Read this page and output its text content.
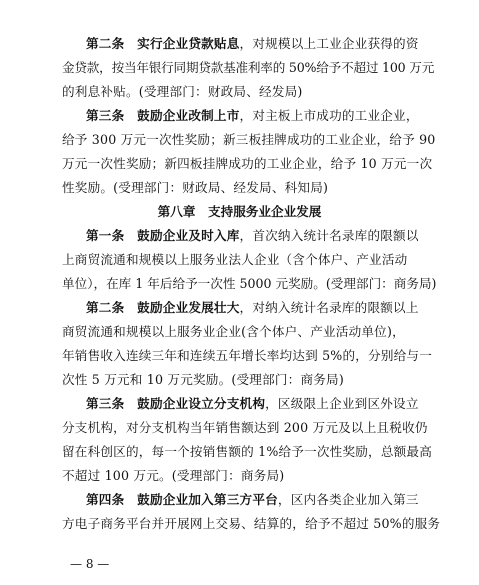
第二条　实行企业贷款贴息，对规模以上工业企业获得的资
金贷款，按当年银行同期贷款基准利率的 50%给予不超过 100 万元
的利息补贴。(受理部门：财政局、经发局)
第三条　鼓励企业改制上市，对主板上市成功的工业企业，
给予 300 万元一次性奖励；新三板挂牌成功的工业企业，给予 90
万元一次性奖励；新四板挂牌成功的工业企业，给予 10 万元一次
性奖励。(受理部门：财政局、经发局、科知局)
第八章　支持服务业企业发展
第一条　鼓励企业及时入库，首次纳入统计名录库的限额以
上商贸流通和规模以上服务业法人企业（含个体户、产业活动
单位），在库 1 年后给予一次性 5000 元奖励。(受理部门：商务局)
第二条　鼓励企业发展壮大，对纳入统计名录库的限额以上
商贸流通和规模以上服务业企业(含个体户、产业活动单位)，
年销售收入连续三年和连续五年增长率均达到 5%的，分别给与一
次性 5 万元和 10 万元奖励。(受理部门：商务局)
第三条　鼓励企业设立分支机构，区级限上企业到区外设立
分支机构，对分支机构当年销售额达到 200 万元及以上且税收仍
留在科创区的，每一个按销售额的 1%给予一次性奖励，总额最高
不超过 100 万元。(受理部门：商务局)
第四条　鼓励企业加入第三方平台，区内各类企业加入第三
方电子商务平台并开展网上交易、结算的，给予不超过 50%的服务
— 8 —
